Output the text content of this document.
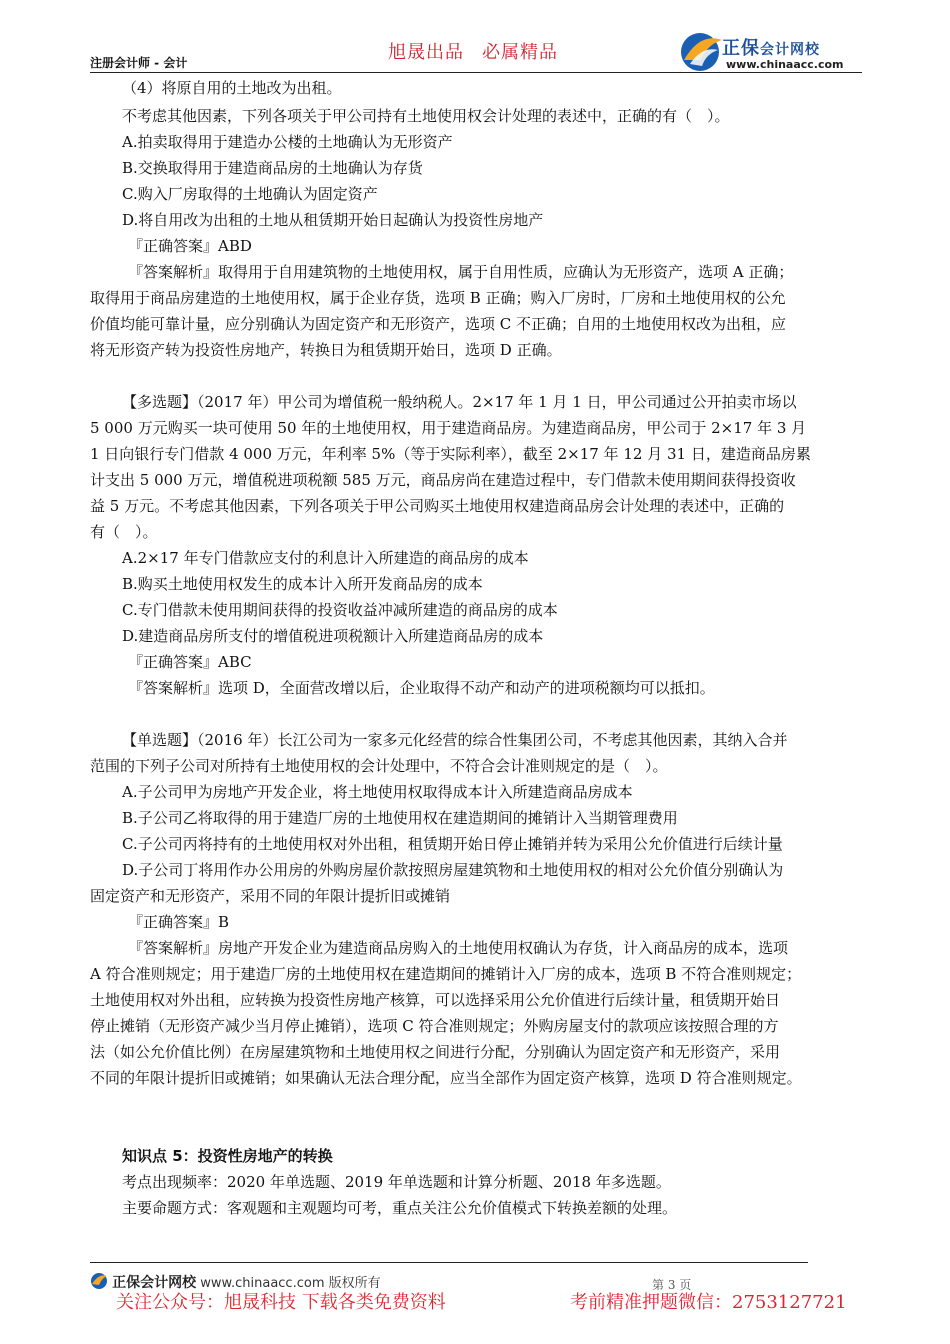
旭晟出品 必属精品
注册会计师 - 会计
正保会计网校
www.chinaacc.com
（4）将原自用的土地改为出租。
不考虑其他因素，下列各项关于甲公司持有土地使用权会计处理的表述中，正确的有（　）。
A.拍卖取得用于建造办公楼的土地确认为无形资产
B.交换取得用于建造商品房的土地确认为存货
C.购入厂房取得的土地确认为固定资产
D.将自用改为出租的土地从租赁期开始日起确认为投资性房地产
『正确答案』ABD
『答案解析』取得用于自用建筑物的土地使用权，属于自用性质，应确认为无形资产，选项 A 正确；
取得用于商品房建造的土地使用权，属于企业存货，选项 B 正确；购入厂房时，厂房和土地使用权的公允
价值均能可靠计量，应分别确认为固定资产和无形资产，选项 C 不正确；自用的土地使用权改为出租，应
将无形资产转为投资性房地产，转换日为租赁期开始日，选项 D 正确。
【多选题】（2017 年）甲公司为增值税一般纳税人。2×17 年 1 月 1 日，甲公司通过公开拍卖市场以
5 000 万元购买一块可使用 50 年的土地使用权，用于建造商品房。为建造商品房，甲公司于 2×17 年 3 月
1 日向银行专门借款 4 000 万元，年利率 5%（等于实际利率），截至 2×17 年 12 月 31 日，建造商品房累
计支出 5 000 万元，增值税进项税额 585 万元，商品房尚在建造过程中，专门借款未使用期间获得投资收
益 5 万元。不考虑其他因素，下列各项关于甲公司购买土地使用权建造商品房会计处理的表述中，正确的
有（　）。
A.2×17 年专门借款应支付的利息计入所建造的商品房的成本
B.购买土地使用权发生的成本计入所开发商品房的成本
C.专门借款未使用期间获得的投资收益冲减所建造的商品房的成本
D.建造商品房所支付的增值税进项税额计入所建造商品房的成本
『正确答案』ABC
『答案解析』选项 D，全面营改增以后，企业取得不动产和动产的进项税额均可以抵扣。
【单选题】（2016 年）长江公司为一家多元化经营的综合性集团公司，不考虑其他因素，其纳入合并
范围的下列子公司对所持有土地使用权的会计处理中，不符合会计准则规定的是（　）。
A.子公司甲为房地产开发企业，将土地使用权取得成本计入所建造商品房成本
B.子公司乙将取得的用于建造厂房的土地使用权在建造期间的摊销计入当期管理费用
C.子公司丙将持有的土地使用权对外出租，租赁期开始日停止摊销并转为采用公允价值进行后续计量
D.子公司丁将用作办公用房的外购房屋价款按照房屋建筑物和土地使用权的相对公允价值分别确认为
固定资产和无形资产，采用不同的年限计提折旧或摊销
『正确答案』B
『答案解析』房地产开发企业为建造商品房购入的土地使用权确认为存货，计入商品房的成本，选项
A 符合准则规定；用于建造厂房的土地使用权在建造期间的摊销计入厂房的成本，选项 B 不符合准则规定；
土地使用权对外出租，应转换为投资性房地产核算，可以选择采用公允价值进行后续计量，租赁期开始日
停止摊销（无形资产减少当月停止摊销），选项 C 符合准则规定；外购房屋支付的款项应该按照合理的方
法（如公允价值比例）在房屋建筑物和土地使用权之间进行分配，分别确认为固定资产和无形资产，采用
不同的年限计提折旧或摊销；如果确认无法合理分配，应当全部作为固定资产核算，选项 D 符合准则规定。
知识点 5：投资性房地产的转换
考点出现频率：2020 年单选题、2019 年单选题和计算分析题、2018 年多选题。
主要命题方式：客观题和主观题均可考，重点关注公允价值模式下转换差额的处理。
正保会计网校 www.chinaacc.com 版权所有	第 3 页
关注公众号：旭晟科技 下载各类免费资料	考前精准押题微信：2753127721
